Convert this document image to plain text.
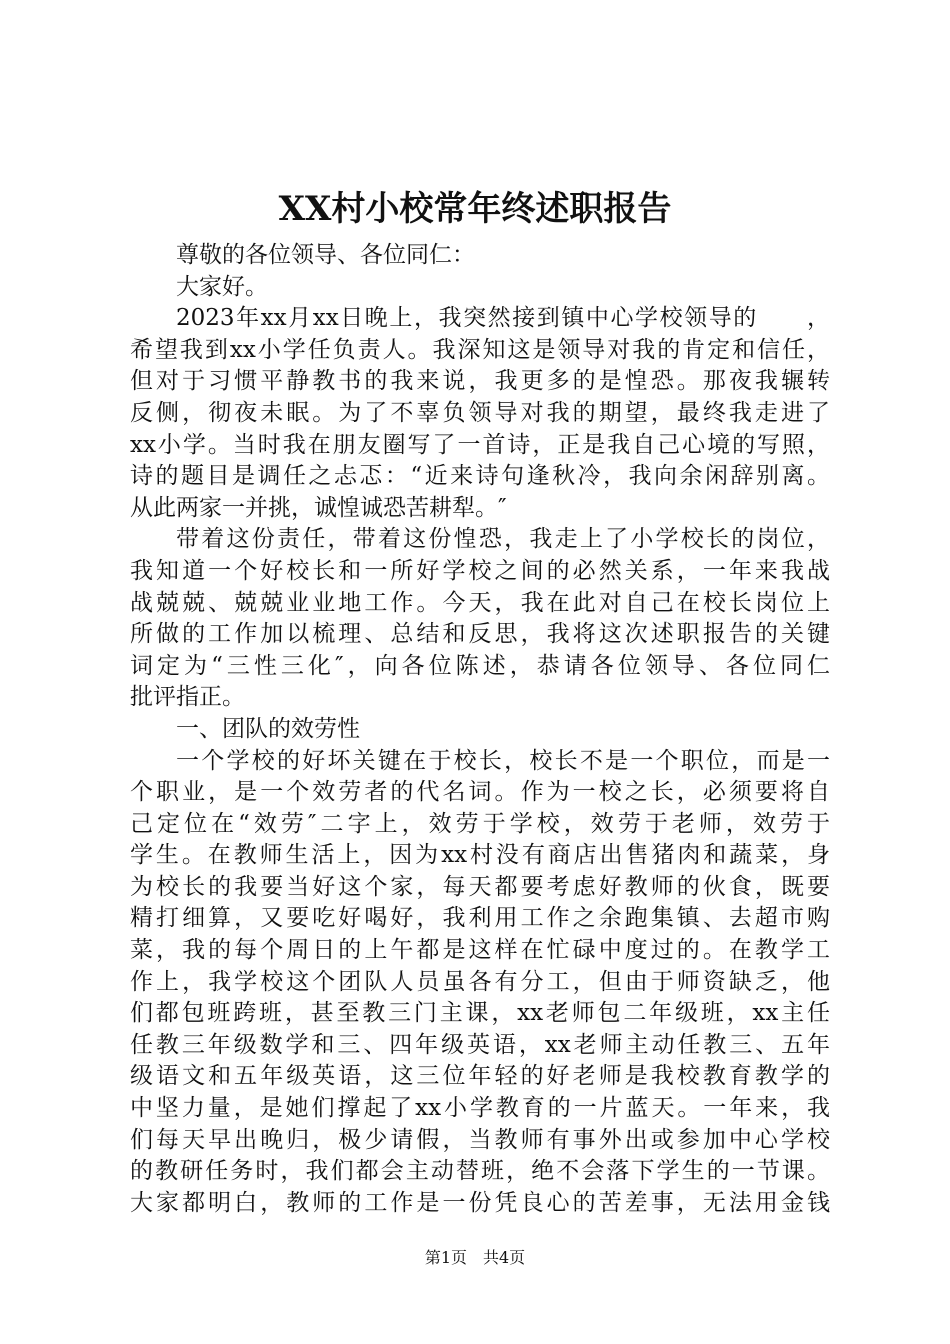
XX村小校常年终述职报告
尊敬的各位领导、各位同仁：
大家好。
2023年xx月xx日晚上，我突然接到镇中心学校领导的　　，
希望我到xx小学任负责人。我深知这是领导对我的肯定和信任，
但对于习惯平静教书的我来说，我更多的是惶恐。那夜我辗转
反侧，彻夜未眠。为了不辜负领导对我的期望，最终我走进了
xx小学。当时我在朋友圈写了一首诗，正是我自己心境的写照，
诗的题目是调任之忐忑：“近来诗句逢秋冷，我向余闲辞别离。
从此两家一并挑，诚惶诚恐苦耕犁。″
带着这份责任，带着这份惶恐，我走上了小学校长的岗位，
我知道一个好校长和一所好学校之间的必然关系，一年来我战
战兢兢、兢兢业业地工作。今天，我在此对自己在校长岗位上
所做的工作加以梳理、总结和反思，我将这次述职报告的关键
词定为“三性三化″，向各位陈述，恭请各位领导、各位同仁
批评指正。
一、团队的效劳性
一个学校的好坏关键在于校长，校长不是一个职位，而是一
个职业，是一个效劳者的代名词。作为一校之长，必须要将自
己定位在“效劳″二字上，效劳于学校，效劳于老师，效劳于
学生。在教师生活上，因为xx村没有商店出售猪肉和蔬菜，身
为校长的我要当好这个家，每天都要考虑好教师的伙食，既要
精打细算，又要吃好喝好，我利用工作之余跑集镇、去超市购
菜，我的每个周日的上午都是这样在忙碌中度过的。在教学工
作上，我学校这个团队人员虽各有分工，但由于师资缺乏，他
们都包班跨班，甚至教三门主课，xx老师包二年级班，xx主任
任教三年级数学和三、四年级英语，xx老师主动任教三、五年
级语文和五年级英语，这三位年轻的好老师是我校教育教学的
中坚力量，是她们撑起了xx小学教育的一片蓝天。一年来，我
们每天早出晚归，极少请假，当教师有事外出或参加中心学校
的教研任务时，我们都会主动替班，绝不会落下学生的一节课。
大家都明白，教师的工作是一份凭良心的苦差事，无法用金钱
第1页　共4页
